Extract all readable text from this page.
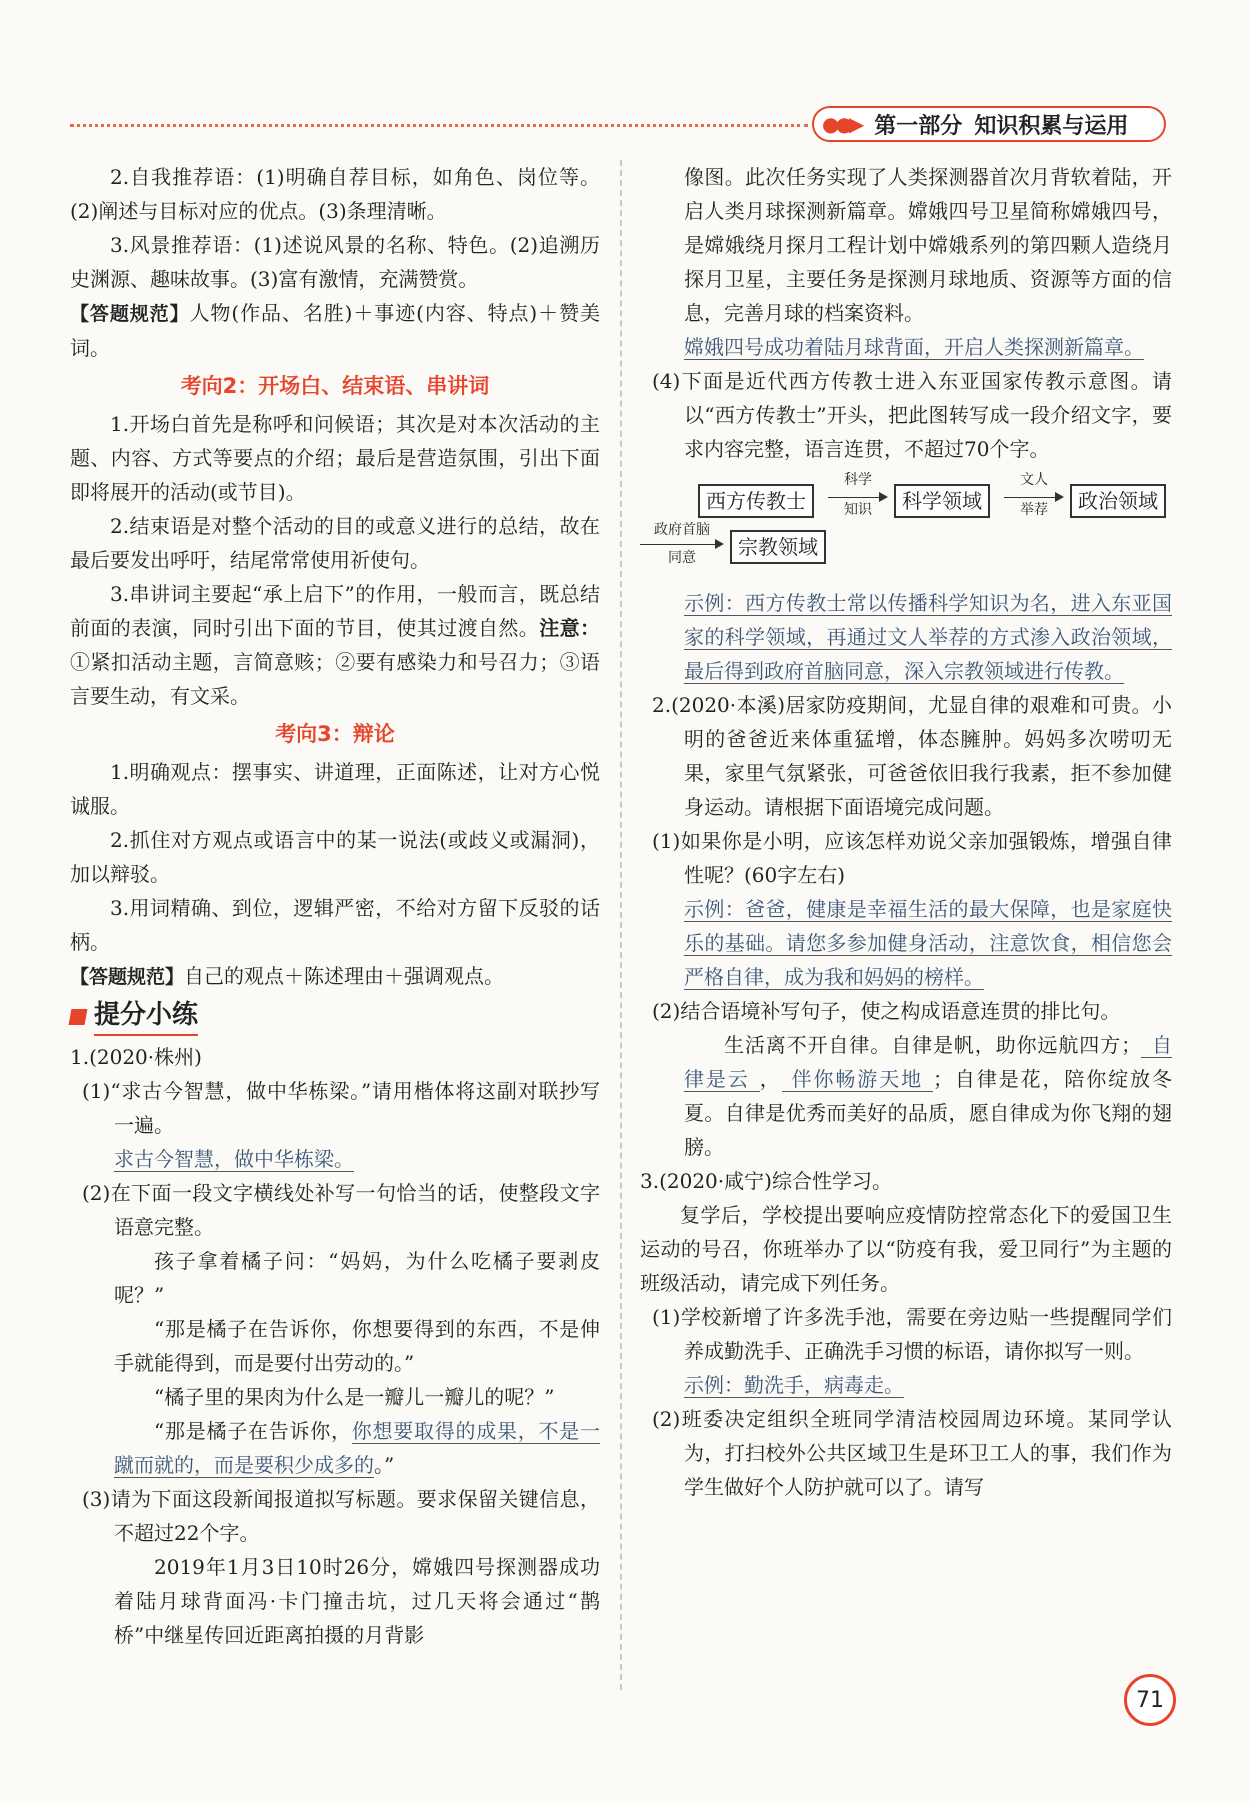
●●▶ 第一部分 知识积累与运用

2.自我推荐语：(1)明确自荐目标，如角色、岗位等。(2)阐述与目标对应的优点。(3)条理清晰。

3.风景推荐语：(1)述说风景的名称、特色。(2)追溯历史渊源、趣味故事。(3)富有激情，充满赞赏。

【答题规范】人物(作品、名胜)＋事迹(内容、特点)＋赞美词。

考向2：开场白、结束语、串讲词

1.开场白首先是称呼和问候语；其次是对本次活动的主题、内容、方式等要点的介绍；最后是营造氛围，引出下面即将展开的活动(或节目)。

2.结束语是对整个活动的目的或意义进行的总结，故在最后要发出呼吁，结尾常常使用祈使句。

3.串讲词主要起“承上启下”的作用，一般而言，既总结前面的表演，同时引出下面的节目，使其过渡自然。注意：①紧扣活动主题，言简意赅；②要有感染力和号召力；③语言要生动，有文采。

考向3：辩论

1.明确观点：摆事实、讲道理，正面陈述，让对方心悦诚服。

2.抓住对方观点或语言中的某一说法(或歧义或漏洞)，加以辩驳。

3.用词精确、到位，逻辑严密，不给对方留下反驳的话柄。

【答题规范】自己的观点＋陈述理由＋强调观点。

提分小练

1.(2020·株州)

(1)“求古今智慧，做中华栋梁。”请用楷体将这副对联抄写一遍。

求古今智慧，做中华栋梁。

(2)在下面一段文字横线处补写一句恰当的话，使整段文字语意完整。

孩子拿着橘子问：“妈妈，为什么吃橘子要剥皮呢？”

“那是橘子在告诉你，你想要得到的东西，不是伸手就能得到，而是要付出劳动的。”

“橘子里的果肉为什么是一瓣儿一瓣儿的呢？”

“那是橘子在告诉你，你想要取得的成果，不是一蹴而就的，而是要积少成多的。”

(3)请为下面这段新闻报道拟写标题。要求保留关键信息，不超过22个字。

2019年1月3日10时26分，嫦娥四号探测器成功着陆月球背面冯·卡门撞击坑，过几天将会通过“鹊桥”中继星传回近距离拍摄的月背影

像图。此次任务实现了人类探测器首次月背软着陆，开启人类月球探测新篇章。嫦娥四号卫星简称嫦娥四号，是嫦娥绕月探月工程计划中嫦娥系列的第四颗人造绕月探月卫星，主要任务是探测月球地质、资源等方面的信息，完善月球的档案资料。

嫦娥四号成功着陆月球背面，开启人类探测新篇章。

(4)下面是近代西方传教士进入东亚国家传教示意图。请以“西方传教士”开头，把此图转写成一段介绍文字，要求内容完整，语言连贯，不超过70个字。

西方传教士
科学
知识	科学领域
文人
举荐	政治领域
政府首脑
同意	宗教领域

示例：西方传教士常以传播科学知识为名，进入东亚国家的科学领域，再通过文人举荐的方式渗入政治领域，最后得到政府首脑同意，深入宗教领域进行传教。

2.(2020·本溪)居家防疫期间，尤显自律的艰难和可贵。小明的爸爸近来体重猛增，体态臃肿。妈妈多次唠叨无果，家里气氛紧张，可爸爸依旧我行我素，拒不参加健身运动。请根据下面语境完成问题。

(1)如果你是小明，应该怎样劝说父亲加强锻炼，增强自律性呢？(60字左右)

示例：爸爸，健康是幸福生活的最大保障，也是家庭快乐的基础。请您多参加健身活动，注意饮食，相信您会严格自律，成为我和妈妈的榜样。

(2)结合语境补写句子，使之构成语意连贯的排比句。

生活离不开自律。自律是帆，助你远航四方； 自律是云 ， 伴你畅游天地 ；自律是花，陪你绽放冬夏。自律是优秀而美好的品质，愿自律成为你飞翔的翅膀。

3.(2020·咸宁)综合性学习。

复学后，学校提出要响应疫情防控常态化下的爱国卫生运动的号召，你班举办了以“防疫有我，爱卫同行”为主题的班级活动，请完成下列任务。

(1)学校新增了许多洗手池，需要在旁边贴一些提醒同学们养成勤洗手、正确洗手习惯的标语，请你拟写一则。

示例：勤洗手，病毒走。

(2)班委决定组织全班同学清洁校园周边环境。某同学认为，打扫校外公共区域卫生是环卫工人的事，我们作为学生做好个人防护就可以了。请写

71
